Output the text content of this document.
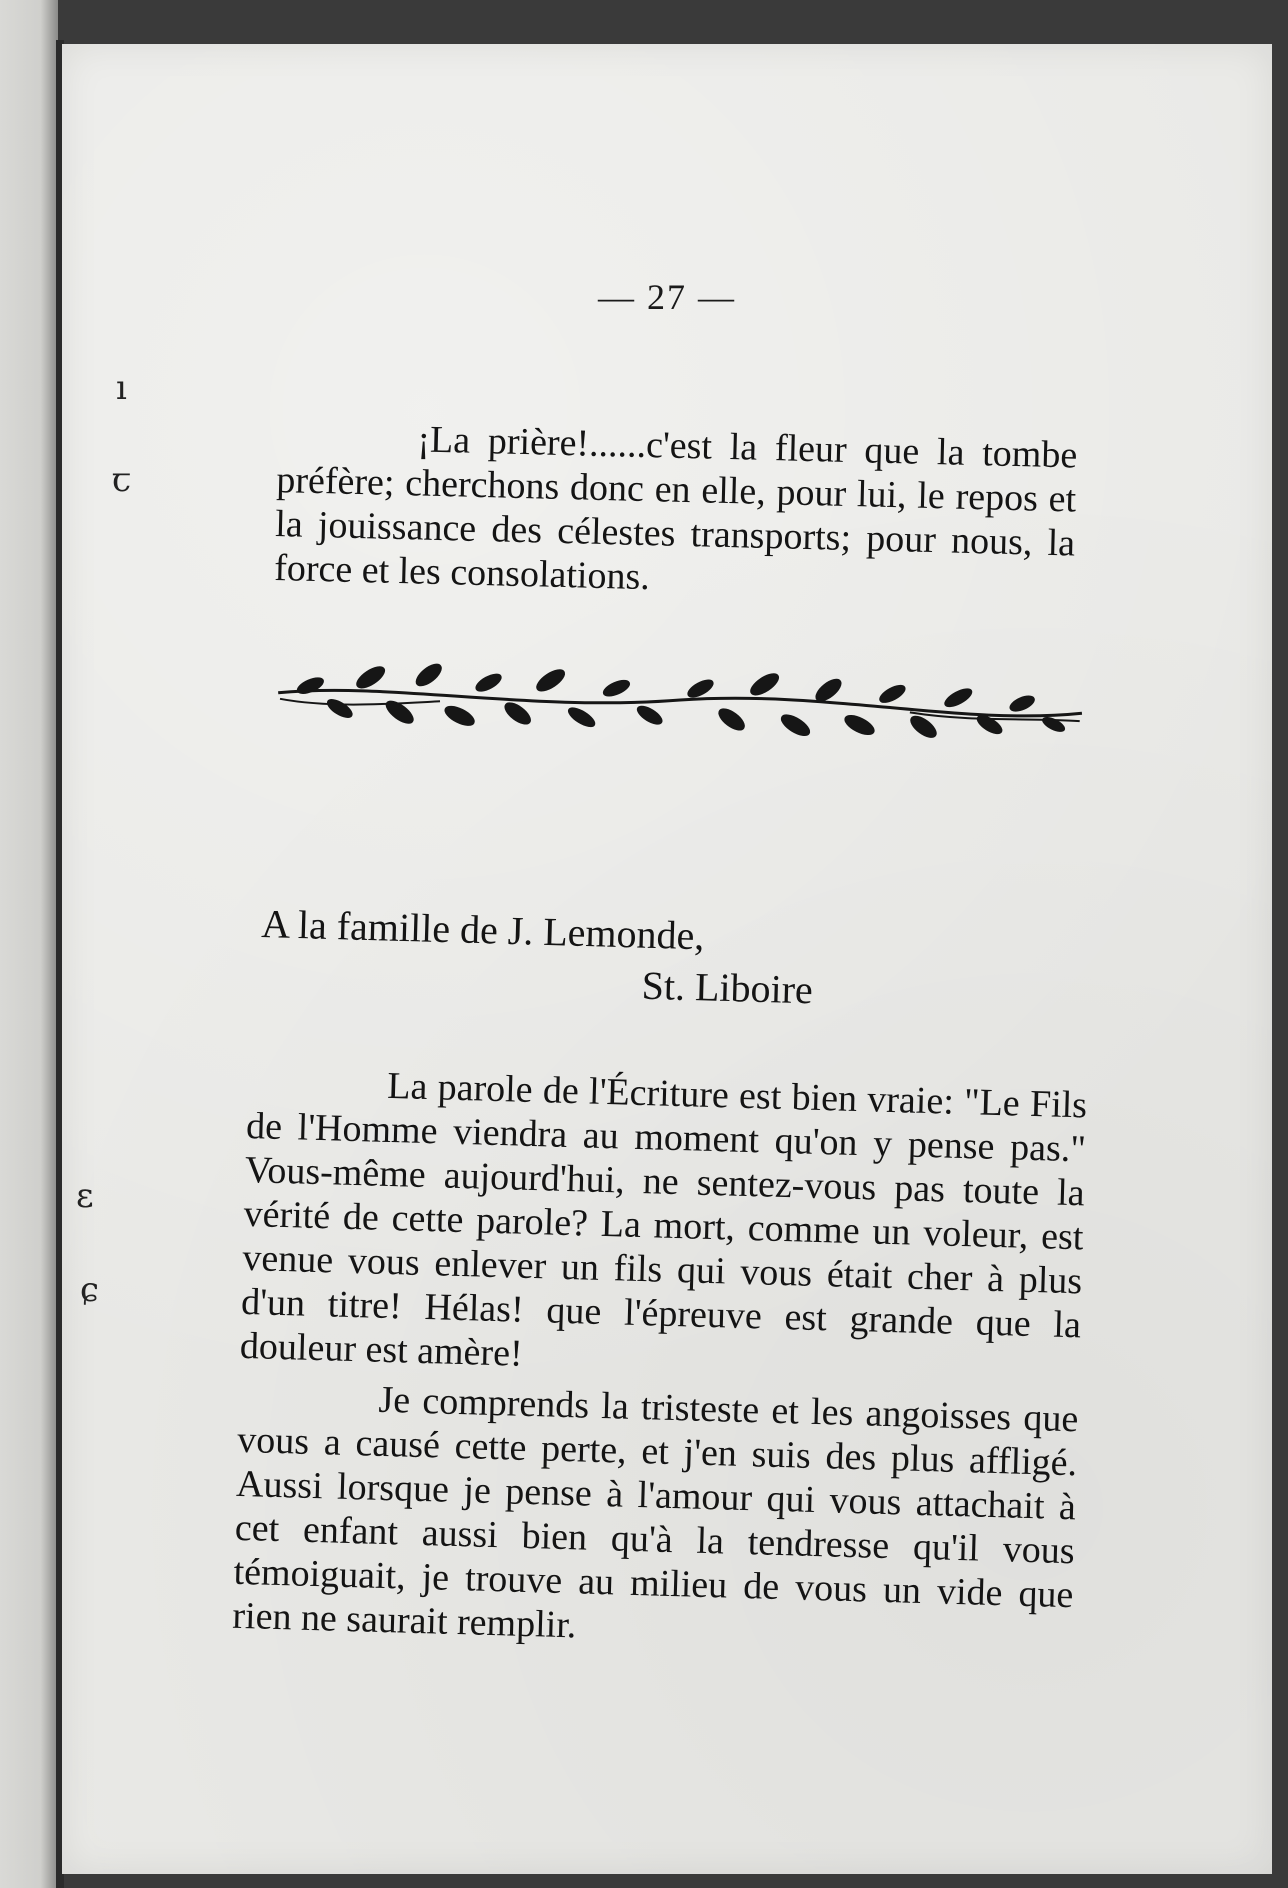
— 27 —
ı
ꞇ
ɛ
ɕ

¡La prière!......c'est la fleur que la tombe préfère; cherchons donc en elle, pour lui, le repos et la jouissance des célestes transports; pour nous, la force et les consolations.

A la famille de J. Lemonde,
St. Liboire

La parole de l'Écriture est bien vraie: "Le Fils de l'Homme viendra au moment qu'on y pense pas." Vous-même aujourd'hui, ne sentez-vous pas toute la vérité de cette parole? La mort, comme un voleur, est venue vous enlever un fils qui vous était cher à plus d'un titre! Hélas! que l'épreuve est grande que la douleur est amère!

Je comprends la tristeste et les angoisses que vous a causé cette perte, et j'en suis des plus affligé. Aussi lorsque je pense à l'amour qui vous attachait à cet enfant aussi bien qu'à la tendresse qu'il vous témoiguait, je trouve au milieu de vous un vide que rien ne saurait remplir.
